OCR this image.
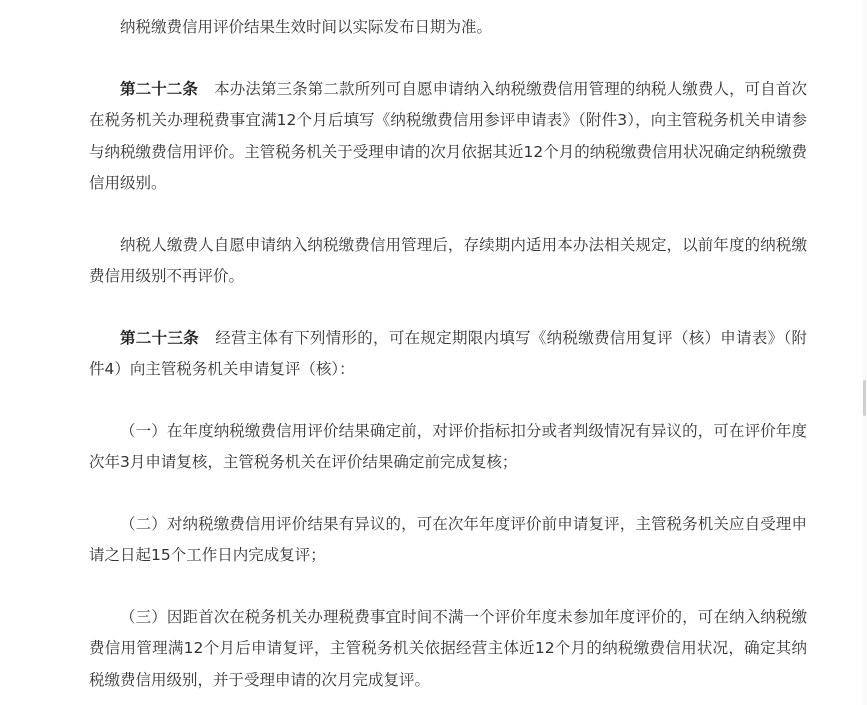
纳税缴费信用评价结果生效时间以实际发布日期为准。

第二十二条 本办法第三条第二款所列可自愿申请纳入纳税缴费信用管理的纳税人缴费人，可自首次在税务机关办理税费事宜满12个月后填写《纳税缴费信用参评申请表》（附件3），向主管税务机关申请参与纳税缴费信用评价。主管税务机关于受理申请的次月依据其近12个月的纳税缴费信用状况确定纳税缴费信用级别。

纳税人缴费人自愿申请纳入纳税缴费信用管理后，存续期内适用本办法相关规定，以前年度的纳税缴费信用级别不再评价。

第二十三条 经营主体有下列情形的，可在规定期限内填写《纳税缴费信用复评（核）申请表》（附件4）向主管税务机关申请复评（核）：

（一）在年度纳税缴费信用评价结果确定前，对评价指标扣分或者判级情况有异议的，可在评价年度次年3月申请复核，主管税务机关在评价结果确定前完成复核；

（二）对纳税缴费信用评价结果有异议的，可在次年年度评价前申请复评，主管税务机关应自受理申请之日起15个工作日内完成复评；

（三）因距首次在税务机关办理税费事宜时间不满一个评价年度未参加年度评价的，可在纳入纳税缴费信用管理满12个月后申请复评，主管税务机关依据经营主体近12个月的纳税缴费信用状况，确定其纳税缴费信用级别，并于受理申请的次月完成复评。
